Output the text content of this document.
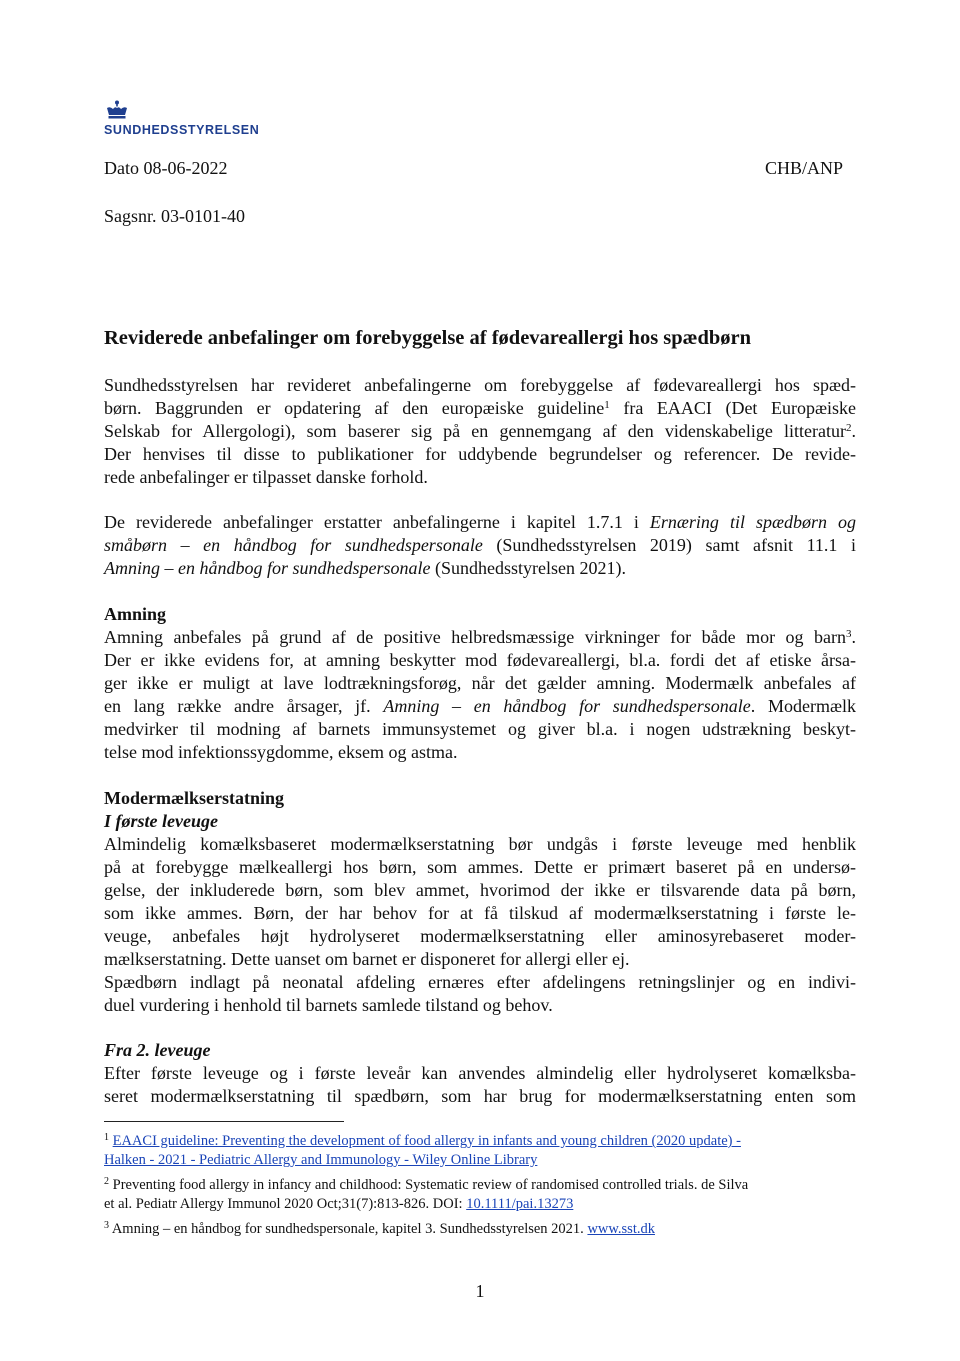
SUNDHEDSSTYRELSEN
Dato 08-06-2022	CHB/ANP
Sagsnr. 03-0101-40
Reviderede anbefalinger om forebyggelse af fødevareallergi hos spædbørn
Sundhedsstyrelsen har revideret anbefalingerne om forebyggelse af fødevareallergi hos spæd-
børn. Baggrunden er opdatering af den europæiske guideline$^1$ fra EAACI (Det Europæiske
Selskab for Allergologi), som baserer sig på en gennemgang af den videnskabelige litteratur$^2$.
Der henvises til disse to publikationer for uddybende begrundelser og referencer. De revide-
rede anbefalinger er tilpasset danske forhold.
De reviderede anbefalinger erstatter anbefalingerne i kapitel 1.7.1 i Ernæring til spædbørn og
småbørn – en håndbog for sundhedspersonale (Sundhedsstyrelsen 2019) samt afsnit 11.1 i
Amning – en håndbog for sundhedspersonale (Sundhedsstyrelsen 2021).
Amning
Amning anbefales på grund af de positive helbredsmæssige virkninger for både mor og barn$^3$.
Der er ikke evidens for, at amning beskytter mod fødevareallergi, bl.a. fordi det af etiske årsa-
ger ikke er muligt at lave lodtrækningsforøg, når det gælder amning. Modermælk anbefales af
en lang række andre årsager, jf. Amning – en håndbog for sundhedspersonale. Modermælk
medvirker til modning af barnets immunsystemet og giver bl.a. i nogen udstrækning beskyt-
telse mod infektionssygdomme, eksem og astma.
Modermælkserstatning
I første leveuge
Almindelig komælksbaseret modermælkserstatning bør undgås i første leveuge med henblik
på at forebygge mælkeallergi hos børn, som ammes. Dette er primært baseret på en undersø-
gelse, der inkluderede børn, som blev ammet, hvorimod der ikke er tilsvarende data på børn,
som ikke ammes. Børn, der har behov for at få tilskud af modermælkserstatning i første le-
veuge, anbefales højt hydrolyseret modermælkserstatning eller aminosyrebaseret moder-
mælkserstatning. Dette uanset om barnet er disponeret for allergi eller ej.
Spædbørn indlagt på neonatal afdeling ernæres efter afdelingens retningslinjer og en indivi-
duel vurdering i henhold til barnets samlede tilstand og behov.
Fra 2. leveuge
Efter første leveuge og i første leveår kan anvendes almindelig eller hydrolyseret komælksba-
seret modermælkserstatning til spædbørn, som har brug for modermælkserstatning enten som
$^1$ EAACI guideline: Preventing the development of food allergy in infants and young children (2020 update) -
Halken - 2021 - Pediatric Allergy and Immunology - Wiley Online Library
$^2$ Preventing food allergy in infancy and childhood: Systematic review of randomised controlled trials. de Silva
et al. Pediatr Allergy Immunol 2020 Oct;31(7):813-826. DOI: 10.1111/pai.13273
$^3$ Amning – en håndbog for sundhedspersonale, kapitel 3. Sundhedsstyrelsen 2021. www.sst.dk
1
